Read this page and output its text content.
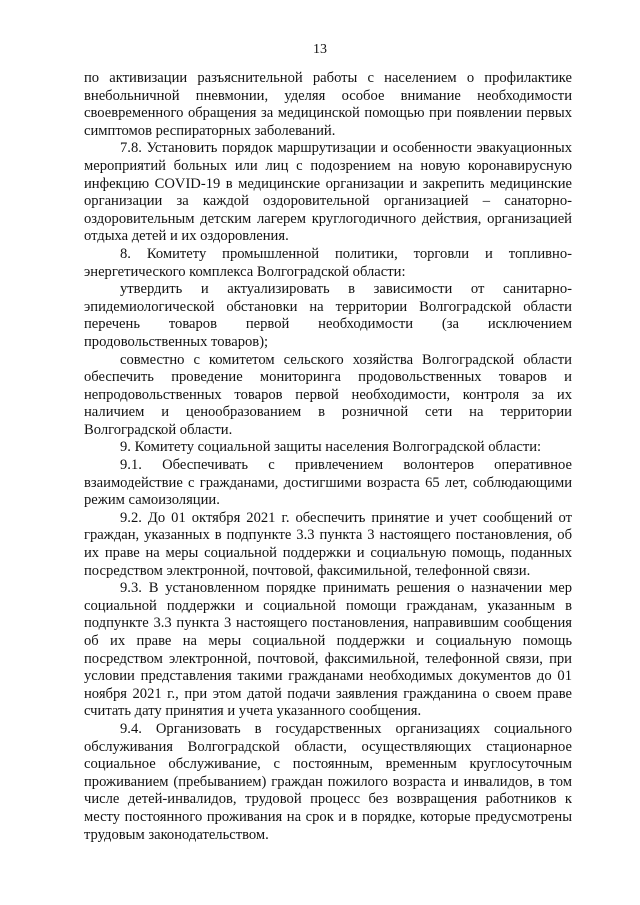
13

по активизации разъяснительной работы с населением о профилактике внебольничной пневмонии, уделяя особое внимание необходимости своевременного обращения за медицинской помощью при появлении первых симптомов респираторных заболеваний.

7.8. Установить порядок маршрутизации и особенности эвакуационных мероприятий больных или лиц с подозрением на новую коронавирусную инфекцию COVID-19 в медицинские организации и закрепить медицинские организации за каждой оздоровительной организацией – санаторно-оздоровительным детским лагерем круглогодичного действия, организацией отдыха детей и их оздоровления.

8. Комитету промышленной политики, торговли и топливно-энергетического комплекса Волгоградской области:

утвердить и актуализировать в зависимости от санитарно-эпидемиологической обстановки на территории Волгоградской области перечень товаров первой необходимости (за исключением продовольственных товаров);

совместно с комитетом сельского хозяйства Волгоградской области обеспечить проведение мониторинга продовольственных товаров и непродовольственных товаров первой необходимости, контроля за их наличием и ценообразованием в розничной сети на территории Волгоградской области.

9. Комитету социальной защиты населения Волгоградской области:

9.1. Обеспечивать с привлечением волонтеров оперативное взаимодействие с гражданами, достигшими возраста 65 лет, соблюдающими режим самоизоляции.

9.2. До 01 октября 2021 г. обеспечить принятие и учет сообщений от граждан, указанных в подпункте 3.3 пункта 3 настоящего постановления, об их праве на меры социальной поддержки и социальную помощь, поданных посредством электронной, почтовой, факсимильной, телефонной связи.

9.3. В установленном порядке принимать решения о назначении мер социальной поддержки и социальной помощи гражданам, указанным в подпункте 3.3 пункта 3 настоящего постановления, направившим сообщения об их праве на меры социальной поддержки и социальную помощь посредством электронной, почтовой, факсимильной, телефонной связи, при условии представления такими гражданами необходимых документов до 01 ноября 2021 г., при этом датой подачи заявления гражданина о своем праве считать дату принятия и учета указанного сообщения.

9.4. Организовать в государственных организациях социального обслуживания Волгоградской области, осуществляющих стационарное социальное обслуживание, с постоянным, временным круглосуточным проживанием (пребыванием) граждан пожилого возраста и инвалидов, в том числе детей-инвалидов, трудовой процесс без возвращения работников к месту постоянного проживания на срок и в порядке, которые предусмотрены трудовым законодательством.
